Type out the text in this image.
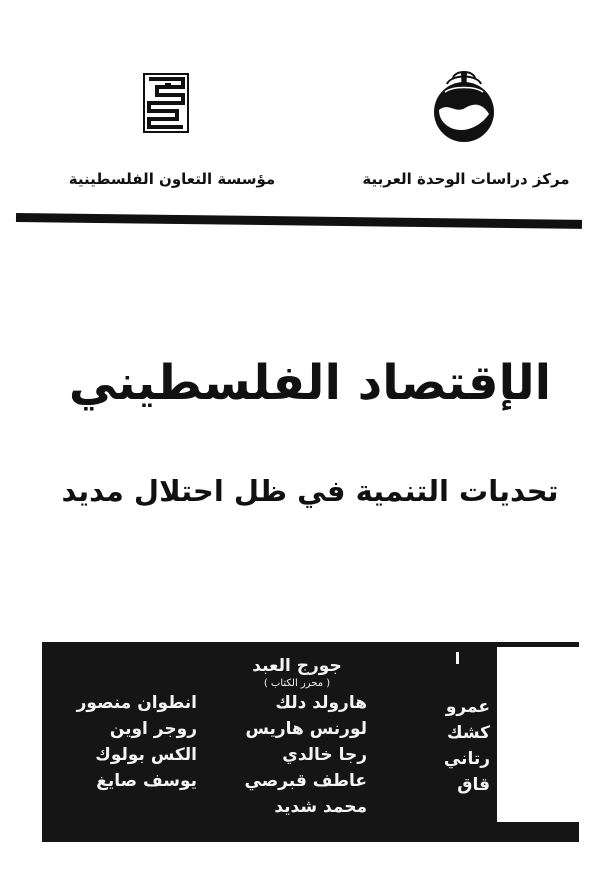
مؤسسة التعاون الفلسطينية	مركز دراسات الوحدة العربية
الإقتصاد الفلسطيني
تحديات التنمية في ظل احتلال مديد
جورج العبد
( محرر الكتاب )
انطوان منصور
روجر اوين
الكس بولوك
يوسف صايغ
هارولد دلك
لورنس هاريس
رجا خالدي
عاطف قبرصي
محمد شديد
عمرو
كشك
رتاني
قاق
